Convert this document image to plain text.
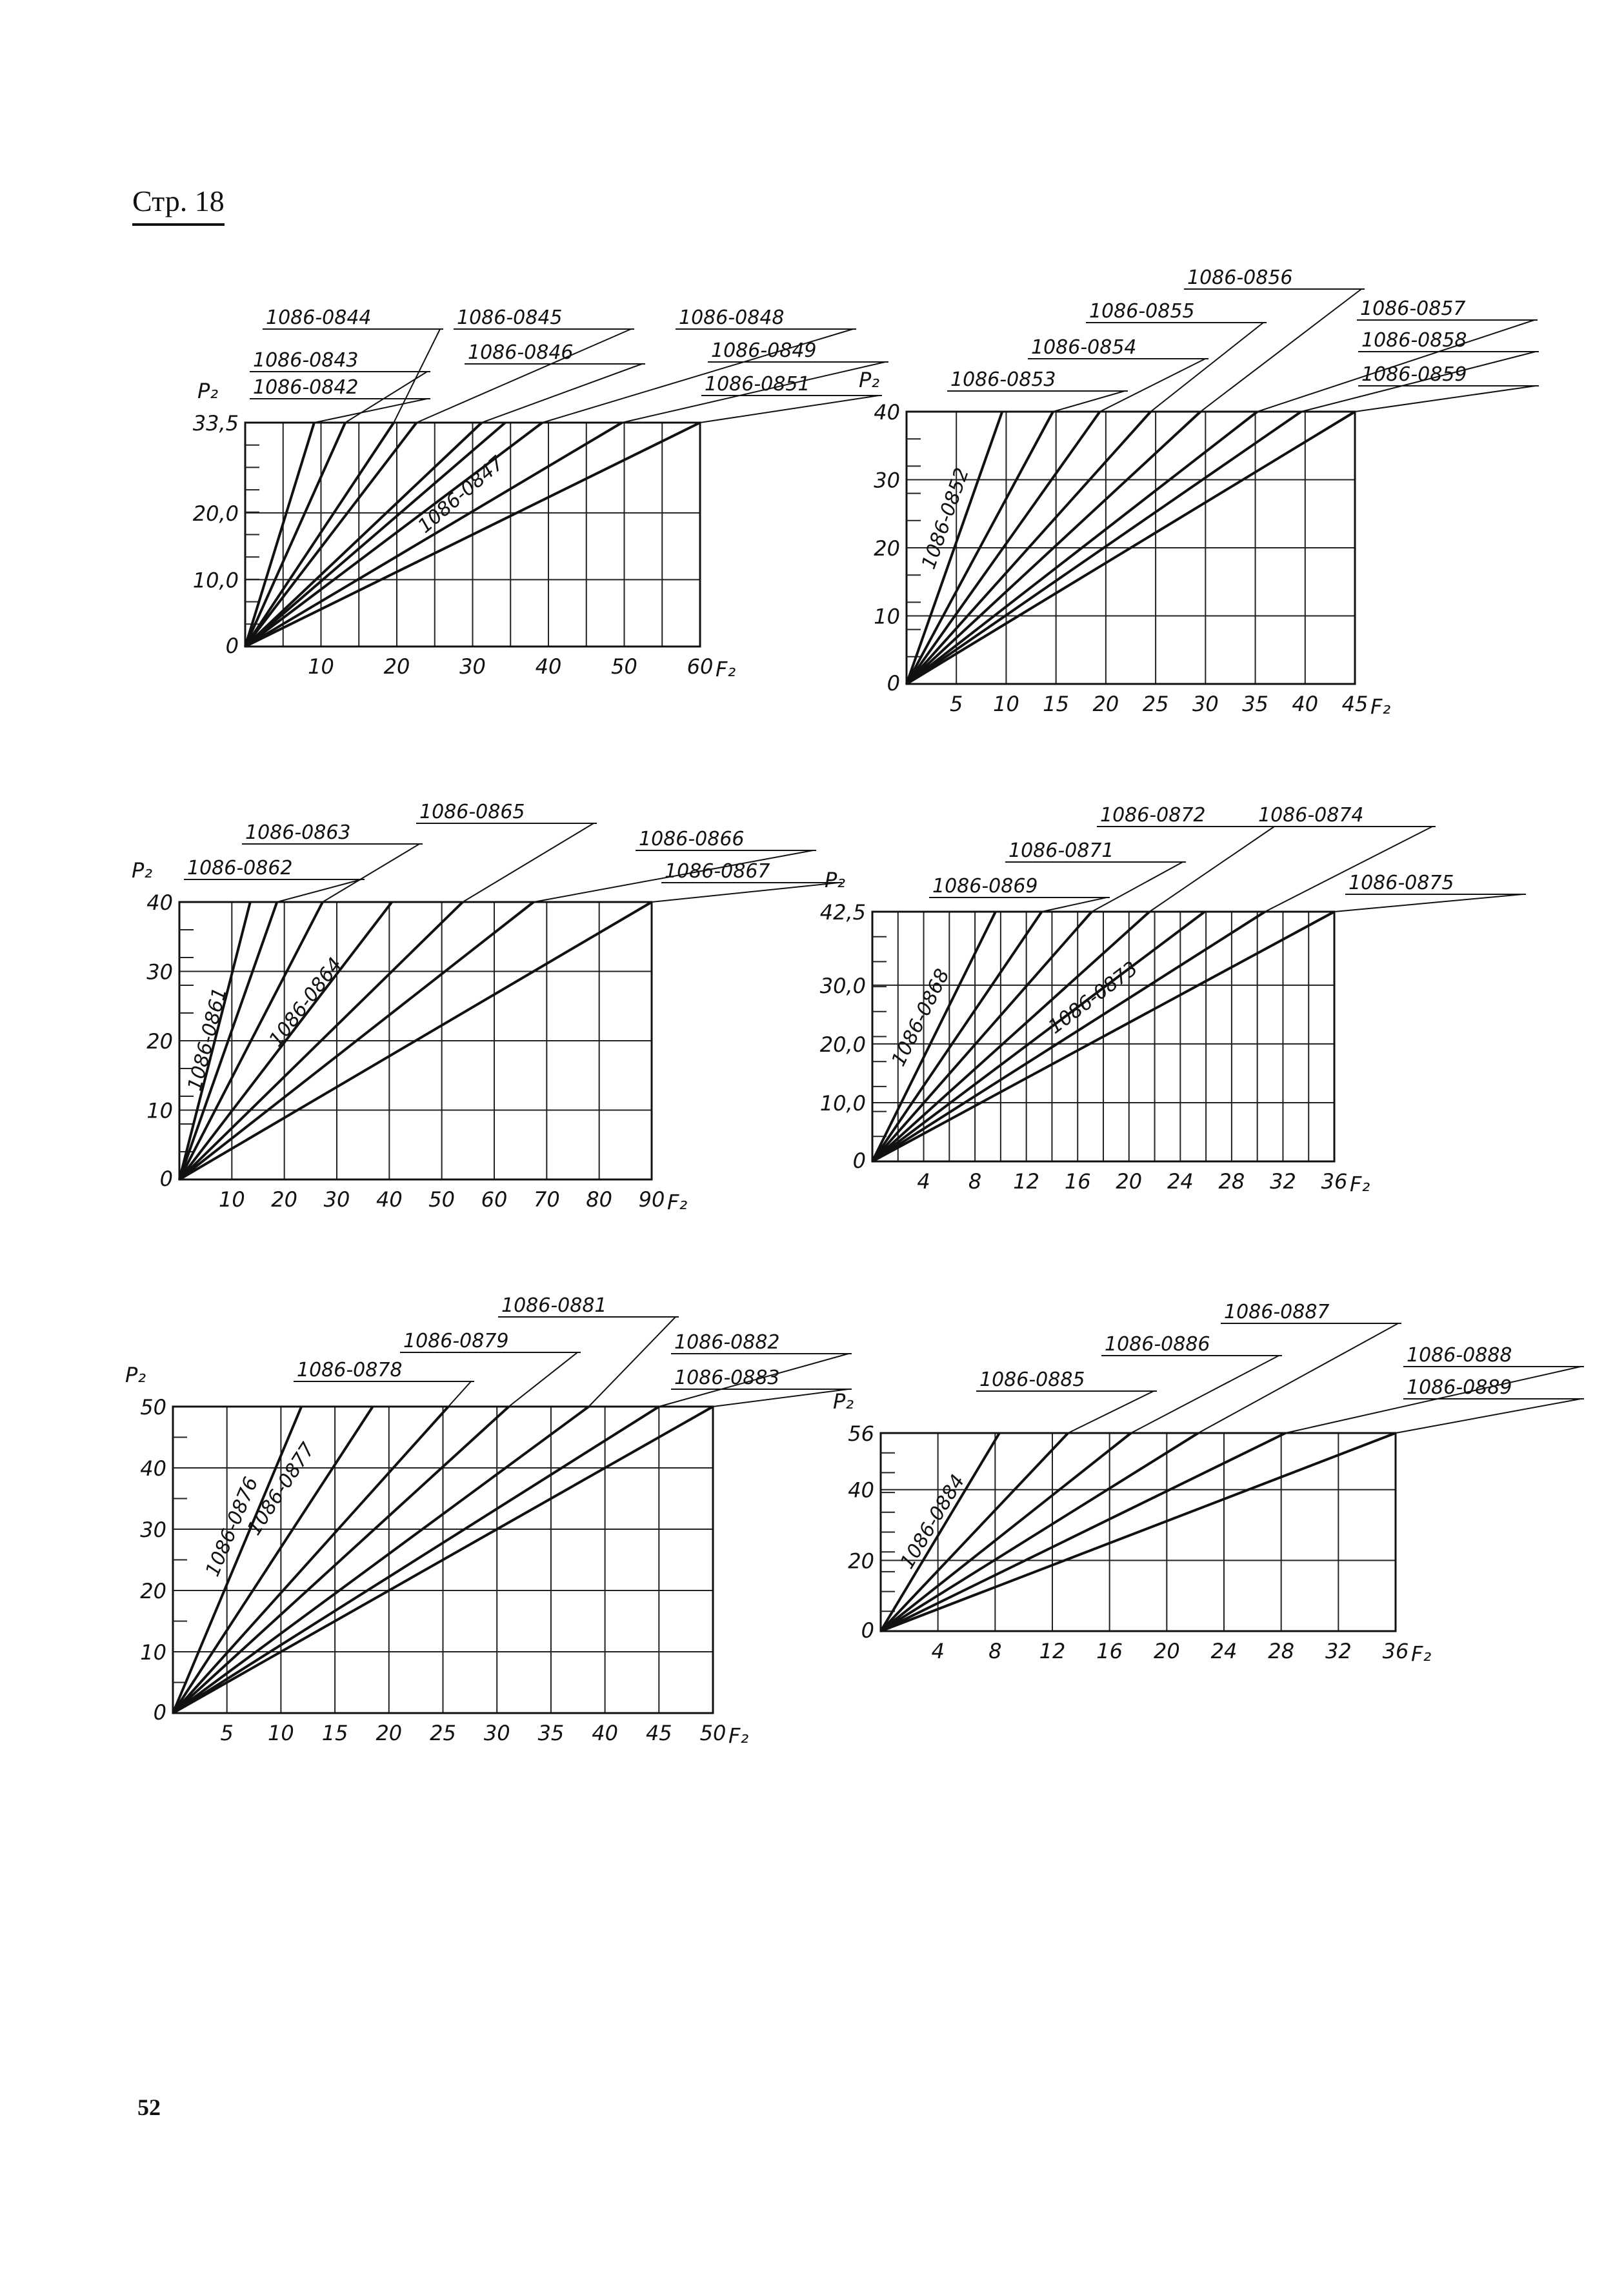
Стр. 18
52
10 20 30 40 50 60
0
10,0
20,0
33,5
F₂
P₂ 1086-0842
1086-0843
1086-0844	1086-0845
1086-0846
1086-0847
1086-0848
1086-0849
1086-0851
5 10 15 20 25 30 35 40 45
0
10
20
30
40
F₂
P₂
1086-0852
1086-0853
1086-0854
1086-0855
1086-0856
1086-0857
1086-0858
1086-0859
10 20 30 40 50 60 70 80 90
0
10
20
30
40
F₂
P₂
1086-0861
1086-0862
1086-0863
1086-0864
1086-0865
1086-0866
1086-0867
4 8 12 16 20 24 28 32 36
0
10,0
20,0
30,0
42,5
F₂
P₂
1086-0868
1086-0869
1086-0871
1086-0872
1086-0873
1086-0874
1086-0875
5 10 15 20 25 30 35 40 45 50
0
10
20
30
40
50
F₂
P₂
1086-0876
1086-0877
1086-0878
1086-0879
1086-0881
1086-0882
1086-0883
4 8 12 16 20 24 28 32 36
0
20
40
56
F₂
P₂
1086-0884
1086-0885
1086-0886
1086-0887
1086-0888
1086-0889
